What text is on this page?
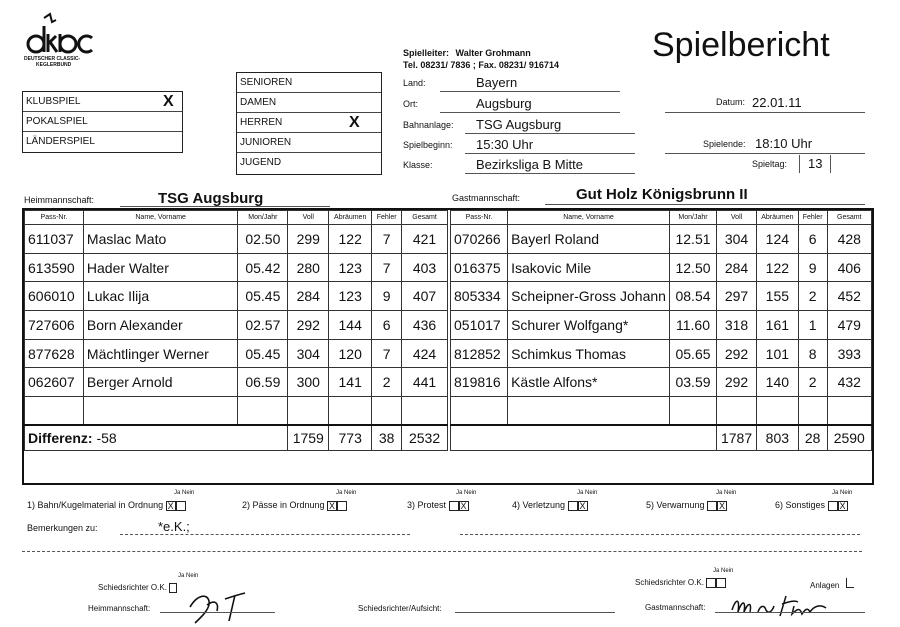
DEUTSCHER CLASSIC-
KEGLERBUND
Spielbericht
Spielleiter: Walter Grohmann
Tel. 08231/ 7836 ; Fax. 08231/ 916714
KLUBSPIEL	X
POKALSPIEL
LÄNDERSPIEL
SENIOREN
DAMEN
HERREN	X
JUNIOREN
JUGEND
Land:	Bayern
Ort:	Augsburg
Bahnanlage: TSG Augsburg
Spielbeginn: 15:30 Uhr
Klasse:	Bezirksliga B Mitte
Datum: 22.01.11
Spielende: 18:10 Uhr
Spieltag: 13
Heimmannschaft:	TSG Augsburg	Gastmannschaft:	Gut Holz Königsbrunn II
Pass-Nr.	Name, Vorname	Mon/Jahr	Voll	Abräumen	Fehler	Gesamt
611037	Maslac Mato	02.50	299	122	7	421
613590	Hader Walter	05.42	280	123	7	403
606010	Lukac Ilija	05.45	284	123	9	407
727606	Born Alexander	02.57	292	144	6	436
877628	Mächtlinger Werner	05.45	304	120	7	424
062607	Berger Arnold	06.59	300	141	2	441

Differenz: -58			1759	773	38	2532
Pass-Nr.	Name, Vorname	Mon/Jahr	Voll	Abräumen	Fehler	Gesamt
070266	Bayerl Roland	12.51	304	124	6	428
016375	Isakovic Mile	12.50	284	122	9	406
805334	Scheipner-Gross Johann	08.54	297	155	2	452
051017	Schurer Wolfgang*	11.60	318	161	1	479
812852	Schimkus Thomas	05.65	292	101	8	393
819816	Kästle Alfons*	03.59	292	140	2	432

			1787	803	28	2590
1) Bahn/Kugelmaterial in Ordnung X
Ja Nein
2) Pässe in Ordnung X
Ja Nein
3) Protest X
Ja Nein
4) Verletzung X
Ja Nein
5) Verwarnung X
Ja Nein
6) Sonstiges X
Ja Nein
Bemerkungen zu:	*e.K.;
Schiedsrichter O.K.
Ja Nein
Schiedsrichter O.K.
Ja Nein
Anlagen
Heimmannschaft:	Schiedsrichter/Aufsicht:	Gastmannschaft:
